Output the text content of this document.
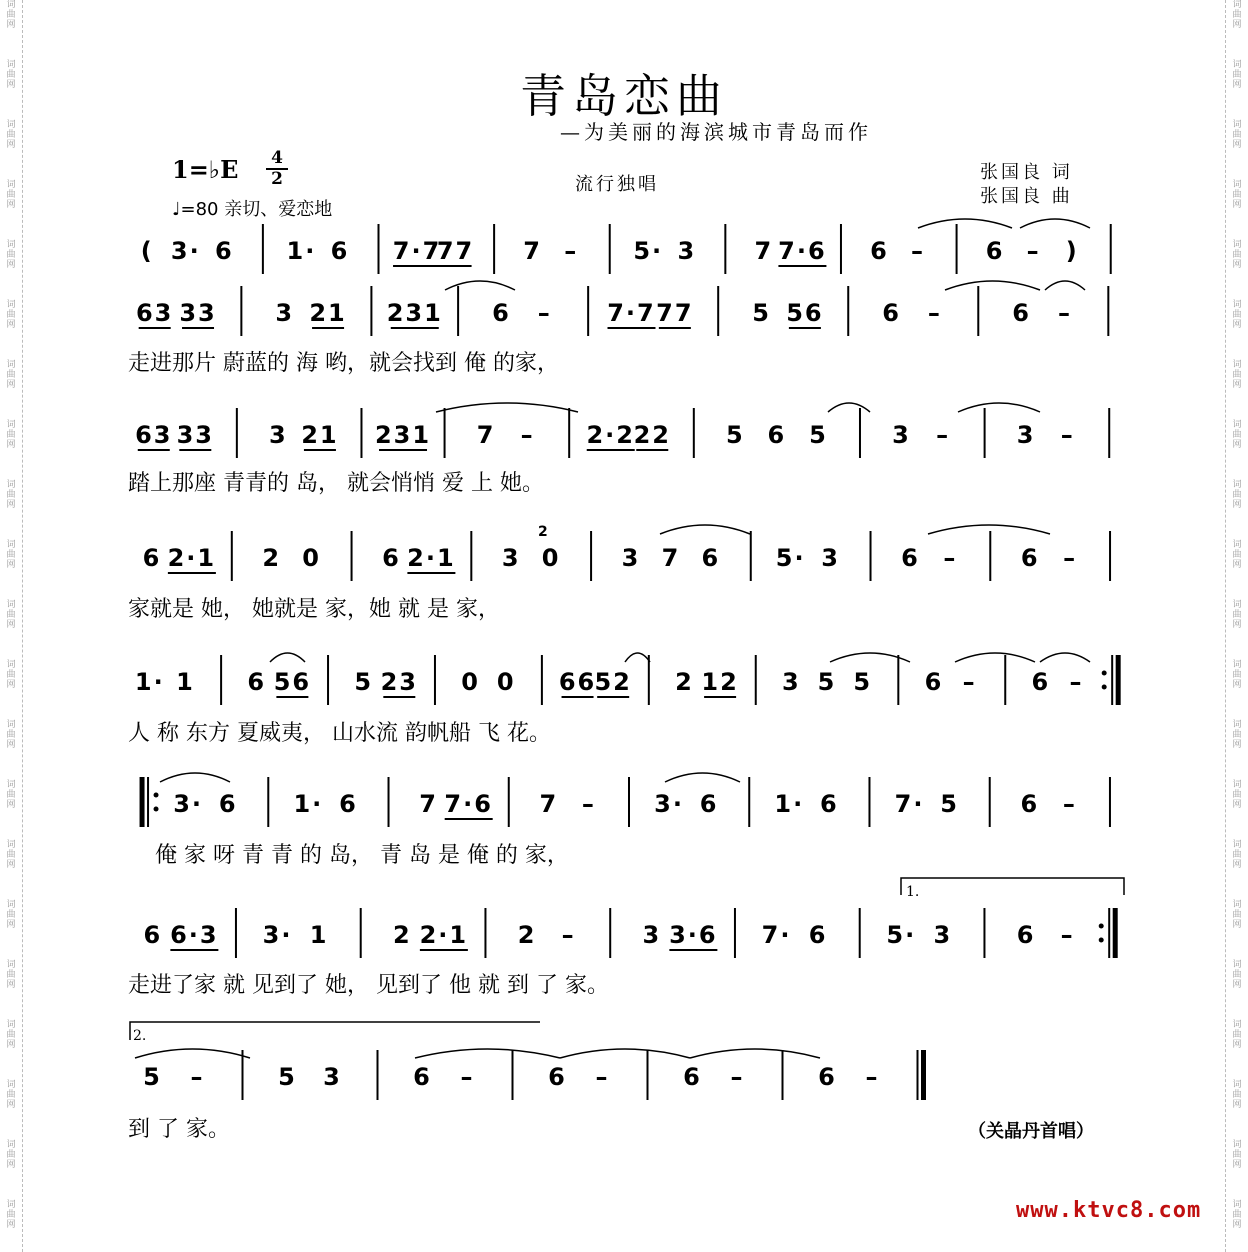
词
曲
网
词
曲
网
词
曲
网
词
曲
网
词
曲
网
词
曲
网
词
曲
网
词
曲
网
词
曲
网
词
曲
网
词
曲
网
词
曲
网
词
曲
网
词
曲
网
词
曲
网
词
曲
网
词
曲
网
词
曲
网
词
曲
网
词
曲
网
词
曲
网
词
曲
网
词
曲
网
词
曲
网
词
曲
网
词
曲
网
词
曲
网
词
曲
网
词
曲
网
词
曲
网
词
曲
网
词
曲
网
词
曲
网
词
曲
网
词
曲
网
词
曲
网
词
曲
网
词
曲
网
词
曲
网
词
曲
网
词
曲
网
词
曲
网
青岛恋曲
—为美丽的海滨城市青岛而作
1=♭E 4
2
♩=80 亲切、爱恋地
流行独唱
张国良 词
张国良 曲
( 3· 6 1· 6 7·7
77 7 – 5· 3 7 7·6 6 –	6 – )
63 33 3 21 231 6 – 7·7 77 5 56 6 –	6 –
63 33 3 21 231 7 – 2·2
22 5 6 5	3 –	3 –
6 2·1 2 0	6 2·1 3 0	3 7 6 5· 3	6 –	6 –
1· 1 6 56 5 23 0 0 66
52 2 12 3 5 5 6 – 6 –
3· 6 1· 6	7 7·6 7 – 3· 6 1· 6 7· 5	6 –
6 6·3 3· 1	2 2·1 2 –	3 3·6 7· 6 5· 3	6 –
5 –	5 3	6 –	6 –	6 –	6 –
1.
2.
2
走进那片 蔚蓝的 海 哟，就会找到 俺 的家，
踏上那座 青青的 岛， 就会悄悄 爱 上 她。
家就是 她， 她就是 家，她 就 是 家，
人 称 东方 夏威夷， 山水流 韵帆船 飞 花。
俺 家 呀 青 青 的 岛， 青 岛 是 俺 的 家，
走进了家 就 见到了 她， 见到了 他 就 到 了 家。
到 了 家。	（关晶丹首唱）
www.ktvc8.com
